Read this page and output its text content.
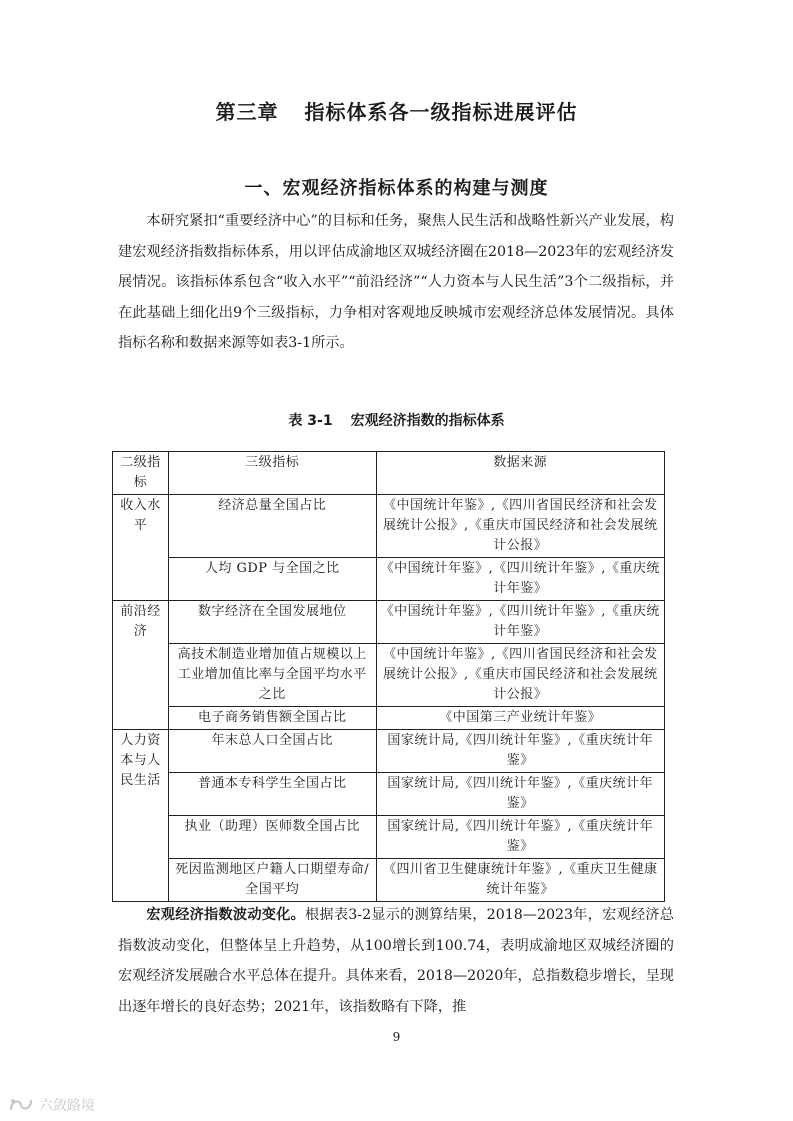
第三章 指标体系各一级指标进展评估
一、宏观经济指标体系的构建与测度

本研究紧扣“重要经济中心”的目标和任务，聚焦人民生活和战略性新兴产业发展，构建宏观经济指数指标体系，用以评估成渝地区双城经济圈在2018—2023年的宏观经济发展情况。该指标体系包含“收入水平”“前沿经济”“人力资本与人民生活”3个二级指标，并在此基础上细化出9个三级指标，力争相对客观地反映城市宏观经济总体发展情况。具体指标名称和数据来源等如表3-1所示。

表 3-1 宏观经济指数的指标体系
二级指标	三级指标	数据来源
收入水平	经济总量全国占比	《中国统计年鉴》,《四川省国民经济和社会发展统计公报》,《重庆市国民经济和社会发展统计公报》
	人均 GDP 与全国之比	《中国统计年鉴》,《四川统计年鉴》,《重庆统计年鉴》
前沿经济	数字经济在全国发展地位	《中国统计年鉴》,《四川统计年鉴》,《重庆统计年鉴》
	高技术制造业增加值占规模以上工业增加值比率与全国平均水平之比	《中国统计年鉴》,《四川省国民经济和社会发展统计公报》,《重庆市国民经济和社会发展统计公报》
	电子商务销售额全国占比	《中国第三产业统计年鉴》
人力资本与人民生活	年末总人口全国占比	国家统计局,《四川统计年鉴》,《重庆统计年鉴》
	普通本专科学生全国占比	国家统计局,《四川统计年鉴》,《重庆统计年鉴》
	执业（助理）医师数全国占比	国家统计局,《四川统计年鉴》,《重庆统计年鉴》
	死因监测地区户籍人口期望寿命/全国平均	《四川省卫生健康统计年鉴》,《重庆卫生健康统计年鉴》

宏观经济指数波动变化。根据表3-2显示的测算结果，2018—2023年，宏观经济总指数波动变化，但整体呈上升趋势，从100增长到100.74，表明成渝地区双城经济圈的宏观经济发展融合水平总体在提升。具体来看，2018—2020年，总指数稳步增长，呈现出逐年增长的良好态势；2021年，该指数略有下降，推

9
六敛路境
